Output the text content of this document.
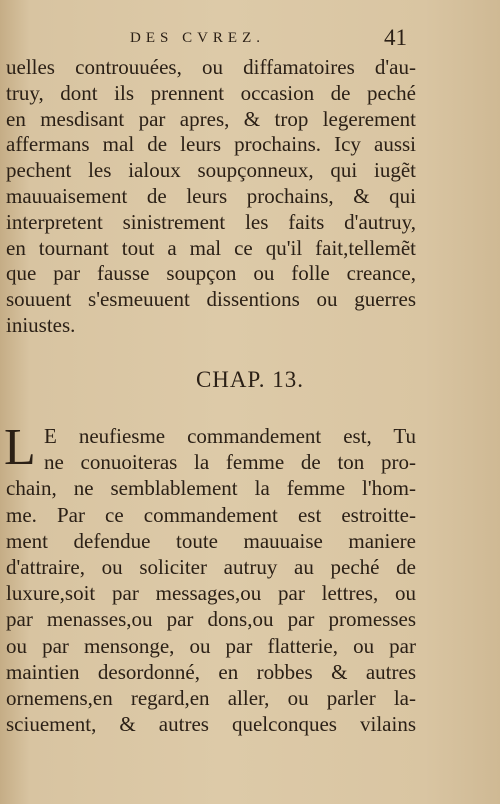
DES CVREZ.	41
uelles controuuées, ou diffamatoires d'au-
truy, dont ils prennent occasion de peché
en mesdisant par apres, & trop legerement
affermans mal de leurs prochains. Icy aussi
pechent les ialoux soupçonneux, qui iugẽt
mauuaisement de leurs prochains, & qui
interpretent sinistrement les faits d'autruy,
en tournant tout a mal ce qu'il fait,tellemẽt
que par fausse soupçon ou folle creance,
souuent s'esmeuuent dissentions ou guerres
iniustes.
CHAP. 13.
L E neufiesme commandement est, Tu
ne conuoiteras la femme de ton pro-
chain, ne semblablement la femme l'hom-
me. Par ce commandement est estroitte-
ment defendue toute mauuaise maniere
d'attraire, ou soliciter autruy au peché de
luxure,soit par messages,ou par lettres, ou
par menasses,ou par dons,ou par promesses
ou par mensonge, ou par flatterie, ou par
maintien desordonné, en robbes & autres
ornemens,en regard,en aller, ou parler la-
sciuement, & autres quelconques vilains
